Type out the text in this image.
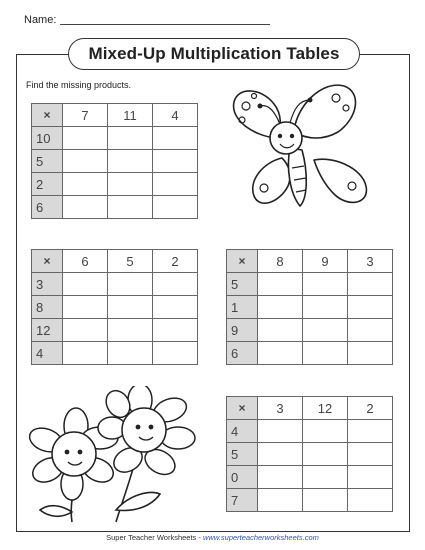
Name:
Mixed-Up Multiplication Tables
Find the missing products.
×	7	11	4
10			
5			
2			
6			
×	6	5	2
3			
8			
12			
4			
×	8	9	3
5			
1			
9			
6			
×	3	12	2
4			
5			
0			
7			
Super Teacher Worksheets - www.superteacherworksheets.com
